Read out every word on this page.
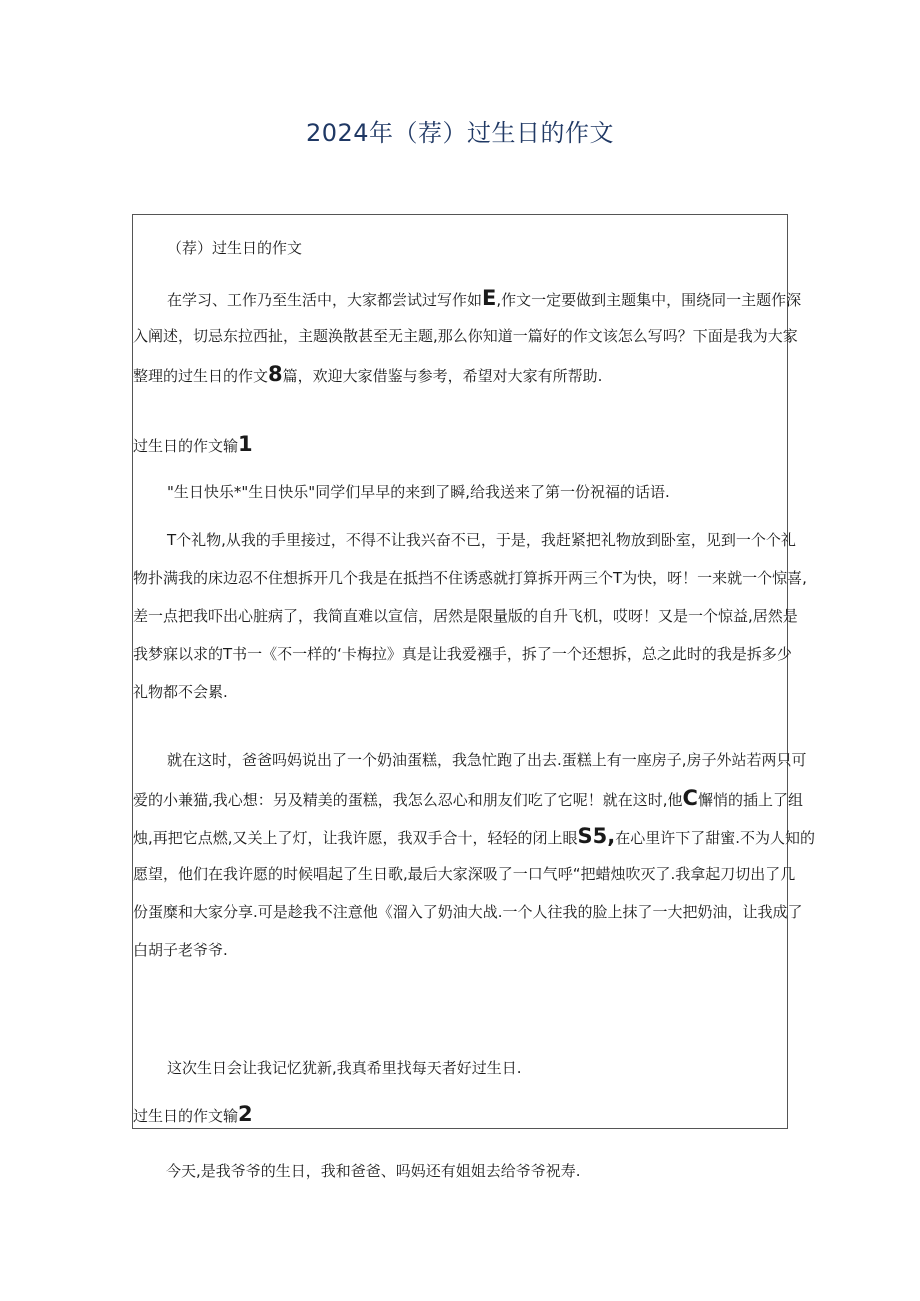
2024年（荐）过生日的作文
（荐）过生日的作文
在学习、工作乃至生活中，大家都尝试过写作如E,作文一定要做到主题集中，围绕同一主题作深
入阐述，切忌东拉西扯，主题涣散甚至无主题,那么你知道一篇好的作文该怎么写吗？下面是我为大家
整理的过生日的作文8篇，欢迎大家借鉴与参考，希望对大家有所帮助.
过生日的作文输1
"生日快乐*"生日快乐"同学们早早的来到了瞬,给我送来了第一份祝福的话语.
T个礼物,从我的手里接过，不得不让我兴奋不已，于是，我赶紧把礼物放到卧室，见到一个个礼
物扑满我的床边忍不住想拆开几个我是在抵挡不住诱惑就打算拆开两三个T为快，呀！一来就一个惊喜,
差一点把我吓出心脏病了，我简直难以宣信，居然是限量版的自升飞机，哎呀！又是一个惊益,居然是
我梦寐以求的T书一《不一样的‘卡梅拉》真是让我爱襁手，拆了一个还想拆，总之此时的我是拆多少
礼物都不会累.
就在这时，爸爸吗妈说出了一个奶油蛋糕，我急忙跑了出去.蛋糕上有一座房子,房子外站若两只可
爱的小兼猫,我心想：另及精美的蛋糕，我怎么忍心和朋友们吃了它呢！就在这时,他C懈悄的插上了组
烛,再把它点燃,又关上了灯，让我许愿，我双手合十，轻轻的闭上眼S5,在心里许下了甜蜜.不为人知的
愿望，他们在我许愿的时候唱起了生日歌,最后大家深吸了一口气呼“把蜡烛吹灭了.我拿起刀切出了几
份蛋糜和大家分享.可是趁我不注意他《溜入了奶油大战.一个人往我的脸上抹了一大把奶油，让我成了
白胡子老爷爷.
这次生日会让我记忆犹新,我真希里找每天者好过生日.
过生日的作文输2
今天,是我爷爷的生日，我和爸爸、吗妈还有姐姐去给爷爷祝寿.
